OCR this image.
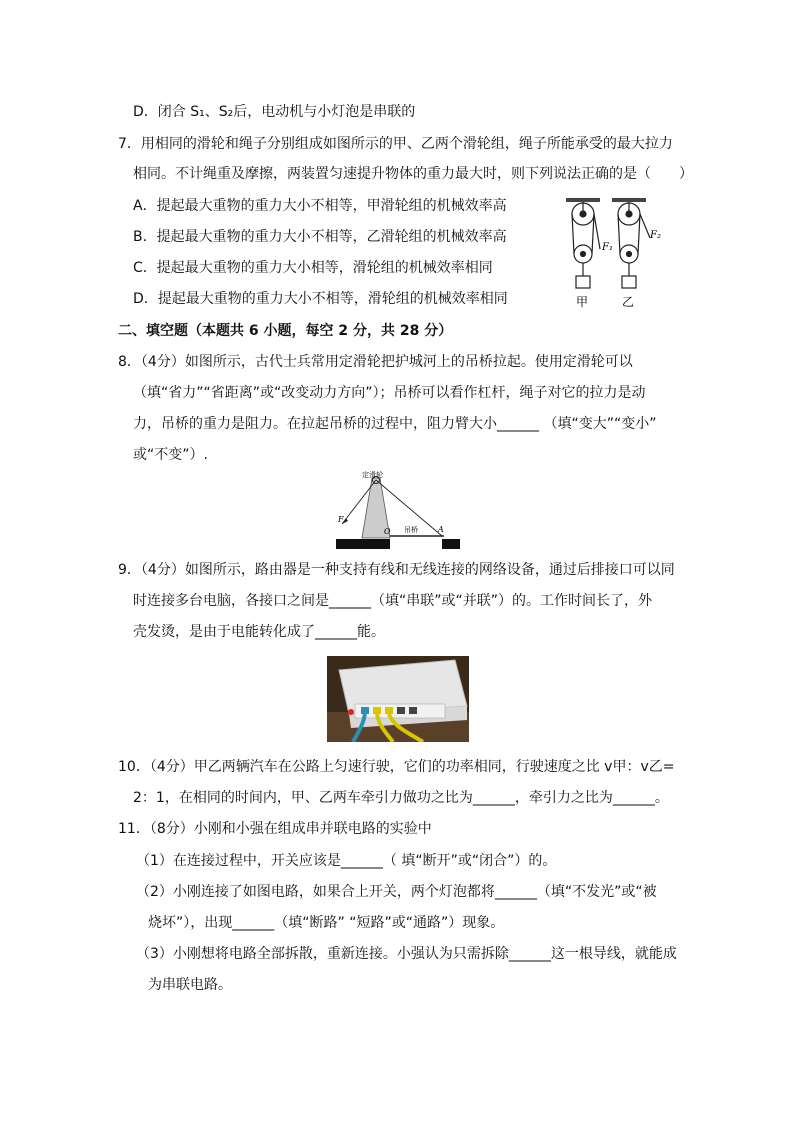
D．闭合 S₁、S₂后，电动机与小灯泡是串联的
7．用相同的滑轮和绳子分别组成如图所示的甲、乙两个滑轮组，绳子所能承受的最大拉力
相同。不计绳重及摩擦，两装置匀速提升物体的重力最大时，则下列说法正确的是（　　）
A．提起最大重物的重力大小不相等，甲滑轮组的机械效率高
B．提起最大重物的重力大小不相等，乙滑轮组的机械效率高
C．提起最大重物的重力大小相等，滑轮组的机械效率相同
D．提起最大重物的重力大小不相等，滑轮组的机械效率相同
F₁
F₂
甲	乙
二、填空题（本题共 6 小题，每空 2 分，共 28 分）
8．（4分）如图所示，古代士兵常用定滑轮把护城河上的吊桥拉起。使用定滑轮可以
（填“省力”“省距离”或“改变动力方向”）；吊桥可以看作杠杆，绳子对它的拉力是动
力，吊桥的重力是阻力。在拉起吊桥的过程中，阻力臂大小______ （填“变大”“变小”
或“不变”）.
定滑轮
F
O 吊桥	A
9．（4分）如图所示，路由器是一种支持有线和无线连接的网络设备，通过后排接口可以同
时连接多台电脑，各接口之间是______（填“串联”或“并联”）的。工作时间长了，外
壳发烫，是由于电能转化成了______能。
10．（4分）甲乙两辆汽车在公路上匀速行驶，它们的功率相同，行驶速度之比 v甲：v乙=
2：1，在相同的时间内，甲、乙两车牵引力做功之比为______，牵引力之比为______。
11．（8分）小刚和小强在组成串并联电路的实验中
（1）在连接过程中，开关应该是______（ 填“断开”或“闭合”）的。
（2）小刚连接了如图电路，如果合上开关，两个灯泡都将______（填“不发光”或“被
烧坏”），出现______（填“断路” “短路”或“通路”）现象。
（3）小刚想将电路全部拆散，重新连接。小强认为只需拆除______这一根导线，就能成
为串联电路。
